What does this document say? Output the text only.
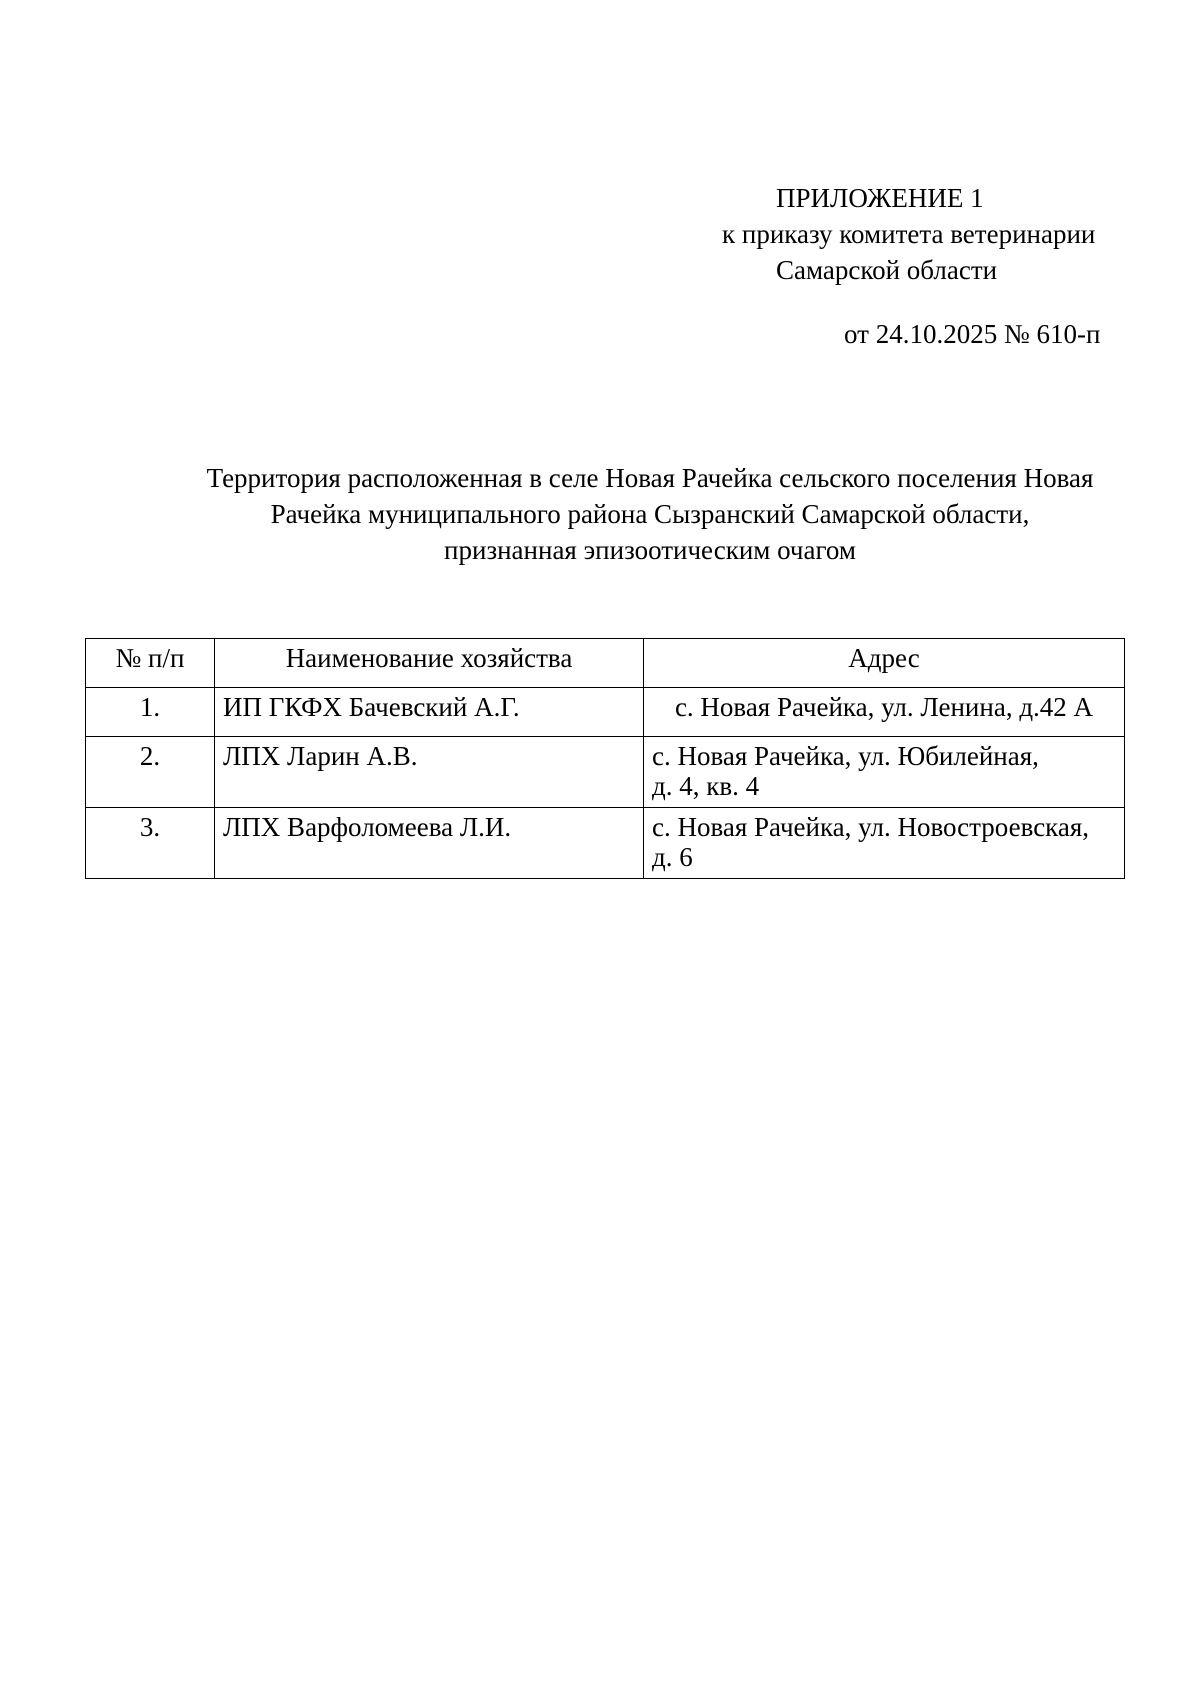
ПРИЛОЖЕНИЕ 1
к приказу комитета ветеринарии
Самарской области
от 24.10.2025 № 610-п
Территория расположенная в селе Новая Рачейка сельского поселения Новая
Рачейка муниципального района Сызранский Самарской области,
признанная эпизоотическим очагом
№ п/п	Наименование хозяйства	Адрес
1.	ИП ГКФХ Бачевский А.Г.	с. Новая Рачейка, ул. Ленина, д.42 А
2.	ЛПХ Ларин А.В.	с. Новая Рачейка, ул. Юбилейная,
д. 4, кв. 4

3.	ЛПХ Варфоломеева Л.И.	с. Новая Рачейка, ул. Новостроевская,
д. 6
